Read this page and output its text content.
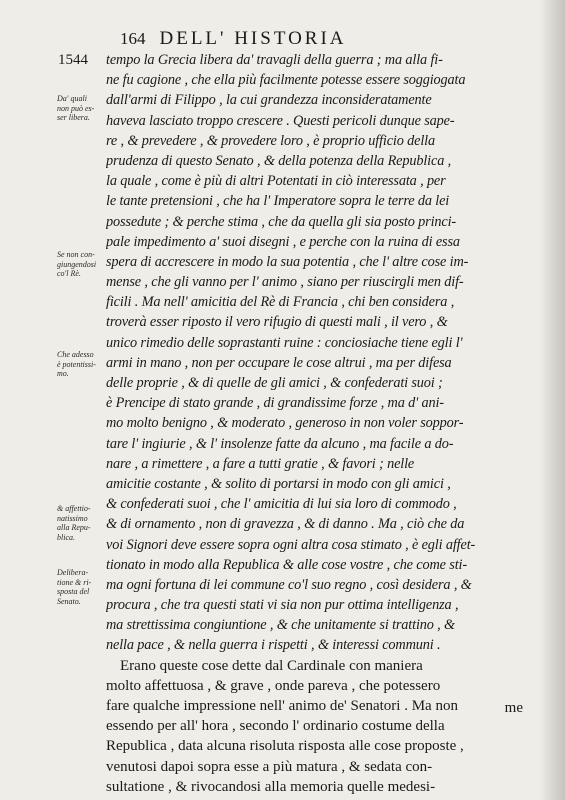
164 DELL' HISTORIA
1544
Da' quali
non può es-
ser libera.
Se non con-
giungendosi
co'l Rè.
Che adesso
è potentissi-
mo.
& affettio-
natissimo
alla Repu-
blica.
Delibera-
tione & ri-
sposta del
Senato.
tempo la Grecia libera da' travagli della guerra ; ma alla fi-
ne fu cagione , che ella più facilmente potesse essere soggiogata
dall'armi di Filippo , la cui grandezza inconsideratamente
haveva lasciato troppo crescere . Questi pericoli dunque sape-
re , & prevedere , & provedere loro , è proprio ufficio della
prudenza di questo Senato , & della potenza della Republica ,
la quale , come è più di altri Potentati in ciò interessata , per
le tante pretensioni , che ha l' Imperatore sopra le terre da lei
possedute ; & perche stima , che da quella gli sia posto princi-
pale impedimento a' suoi disegni , e perche con la ruina di essa
spera di accrescere in modo la sua potentia , che l' altre cose im-
mense , che gli vanno per l' animo , siano per riuscirgli men dif-
ficili . Ma nell' amicitia del Rè di Francia , chi ben considera ,
troverà esser riposto il vero rifugio di questi mali , il vero , &
unico rimedio delle soprastanti ruine : conciosiache tiene egli l'
armi in mano , non per occupare le cose altrui , ma per difesa
delle proprie , & di quelle de gli amici , & confederati suoi ;
è Prencipe di stato grande , di grandissime forze , ma d' ani-
mo molto benigno , & moderato , generoso in non voler soppor-
tare l' ingiurie , & l' insolenze fatte da alcuno , ma facile a do-
nare , a rimettere , a fare a tutti gratie , & favori ; nelle
amicitie costante , & solito di portarsi in modo con gli amici ,
& confederati suoi , che l' amicitia di lui sia loro di commodo ,
& di ornamento , non di gravezza , & di danno . Ma , ciò che da
voi Signori deve essere sopra ogni altra cosa stimato , è egli affet-
tionato in modo alla Republica & alle cose vostre , che come sti-
ma ogni fortuna di lei commune co'l suo regno , così desidera , &
procura , che tra questi stati vi sia non pur ottima intelligenza ,
ma strettissima congiuntione , & che unitamente si trattino , &
nella pace , & nella guerra i rispetti , & interessi communi .
Erano queste cose dette dal Cardinale con maniera
molto affettuosa , & grave , onde pareva , che potessero
fare qualche impressione nell' animo de' Senatori . Ma non
essendo per all' hora , secondo l' ordinario costume della
Republica , data alcuna risoluta risposta alle cose proposte ,
venutosi dapoi sopra esse a più matura , & sedata con-
sultatione , & rivocandosi alla memoria quelle medesi-
me
